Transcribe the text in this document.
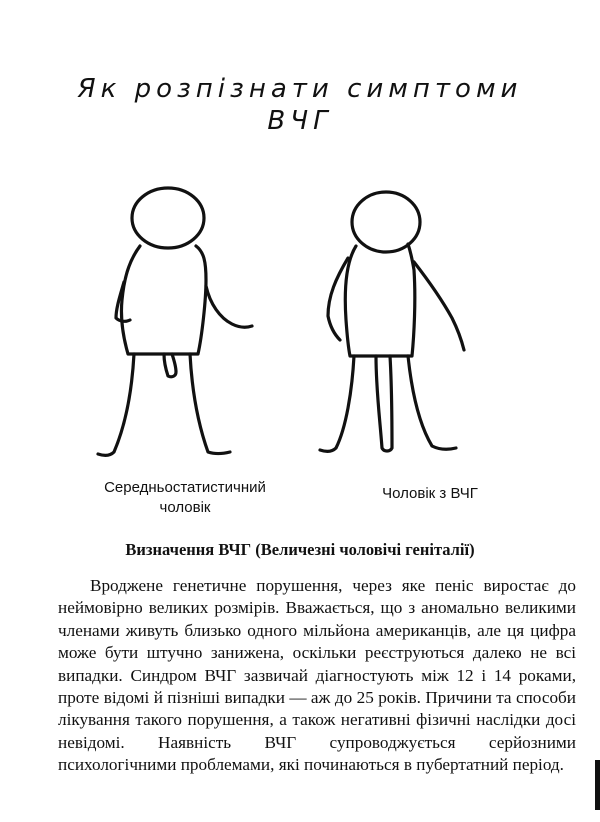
Як розпізнати симптоми
ВЧГ
Середньостатистичний
чоловік
Чоловік з ВЧГ
Визначення ВЧГ (Величезні чоловічі геніталії)

Вроджене генетичне порушення, через яке пеніс виростає до неймовірно великих розмірів. Вважається, що з аномально великими членами живуть близько одного мільйона американців, але ця цифра може бути штучно занижена, оскільки реєструються далеко не всі випадки. Синдром ВЧГ зазвичай діагностують між 12 і 14 роками, проте відомі й пізніші випадки — аж до 25 років. Причини та способи лікування такого порушення, а також негативні фізичні наслідки досі невідомі. Наявність ВЧГ супроводжується серйозними психологічними проблемами, які починаються в пубертатний період.
